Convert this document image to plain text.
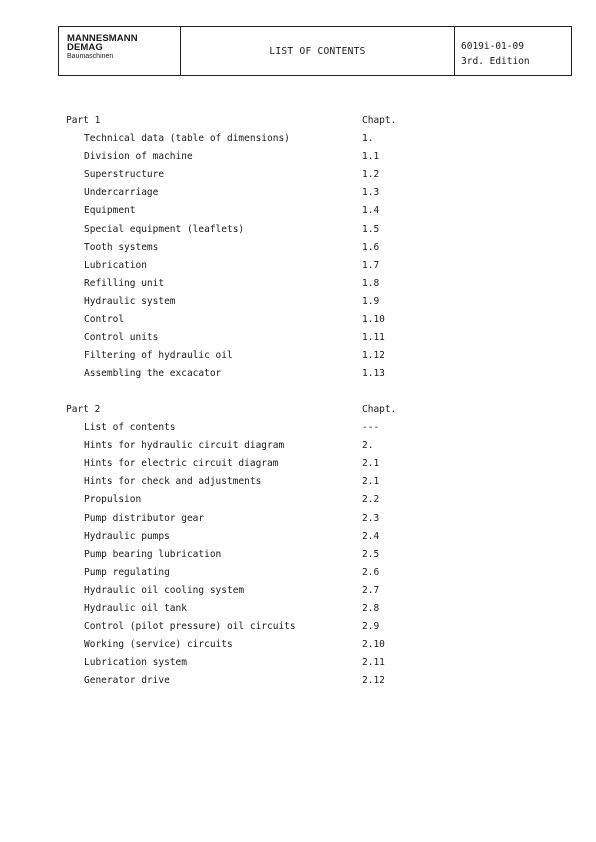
MANNESMANN
DEMAG
Baumaschinen	LIST OF CONTENTS	6019i-01-09
3rd. Edition
Part 1	Chapt.
Technical data (table of dimensions)	1.
Division of machine	1.1
Superstructure	1.2
Undercarriage	1.3
Equipment	1.4
Special equipment (leaflets)	1.5
Tooth systems	1.6
Lubrication	1.7
Refilling unit	1.8
Hydraulic system	1.9
Control	1.10
Control units	1.11
Filtering of hydraulic oil	1.12
Assembling the excacator	1.13
Part 2	Chapt.
List of contents	---
Hints for hydraulic circuit diagram	2.
Hints for electric circuit diagram	2.1
Hints for check and adjustments	2.1
Propulsion	2.2
Pump distributor gear	2.3
Hydraulic pumps	2.4
Pump bearing lubrication	2.5
Pump regulating	2.6
Hydraulic oil cooling system	2.7
Hydraulic oil tank	2.8
Control (pilot pressure) oil circuits	2.9
Working (service) circuits	2.10
Lubrication system	2.11
Generator drive	2.12
